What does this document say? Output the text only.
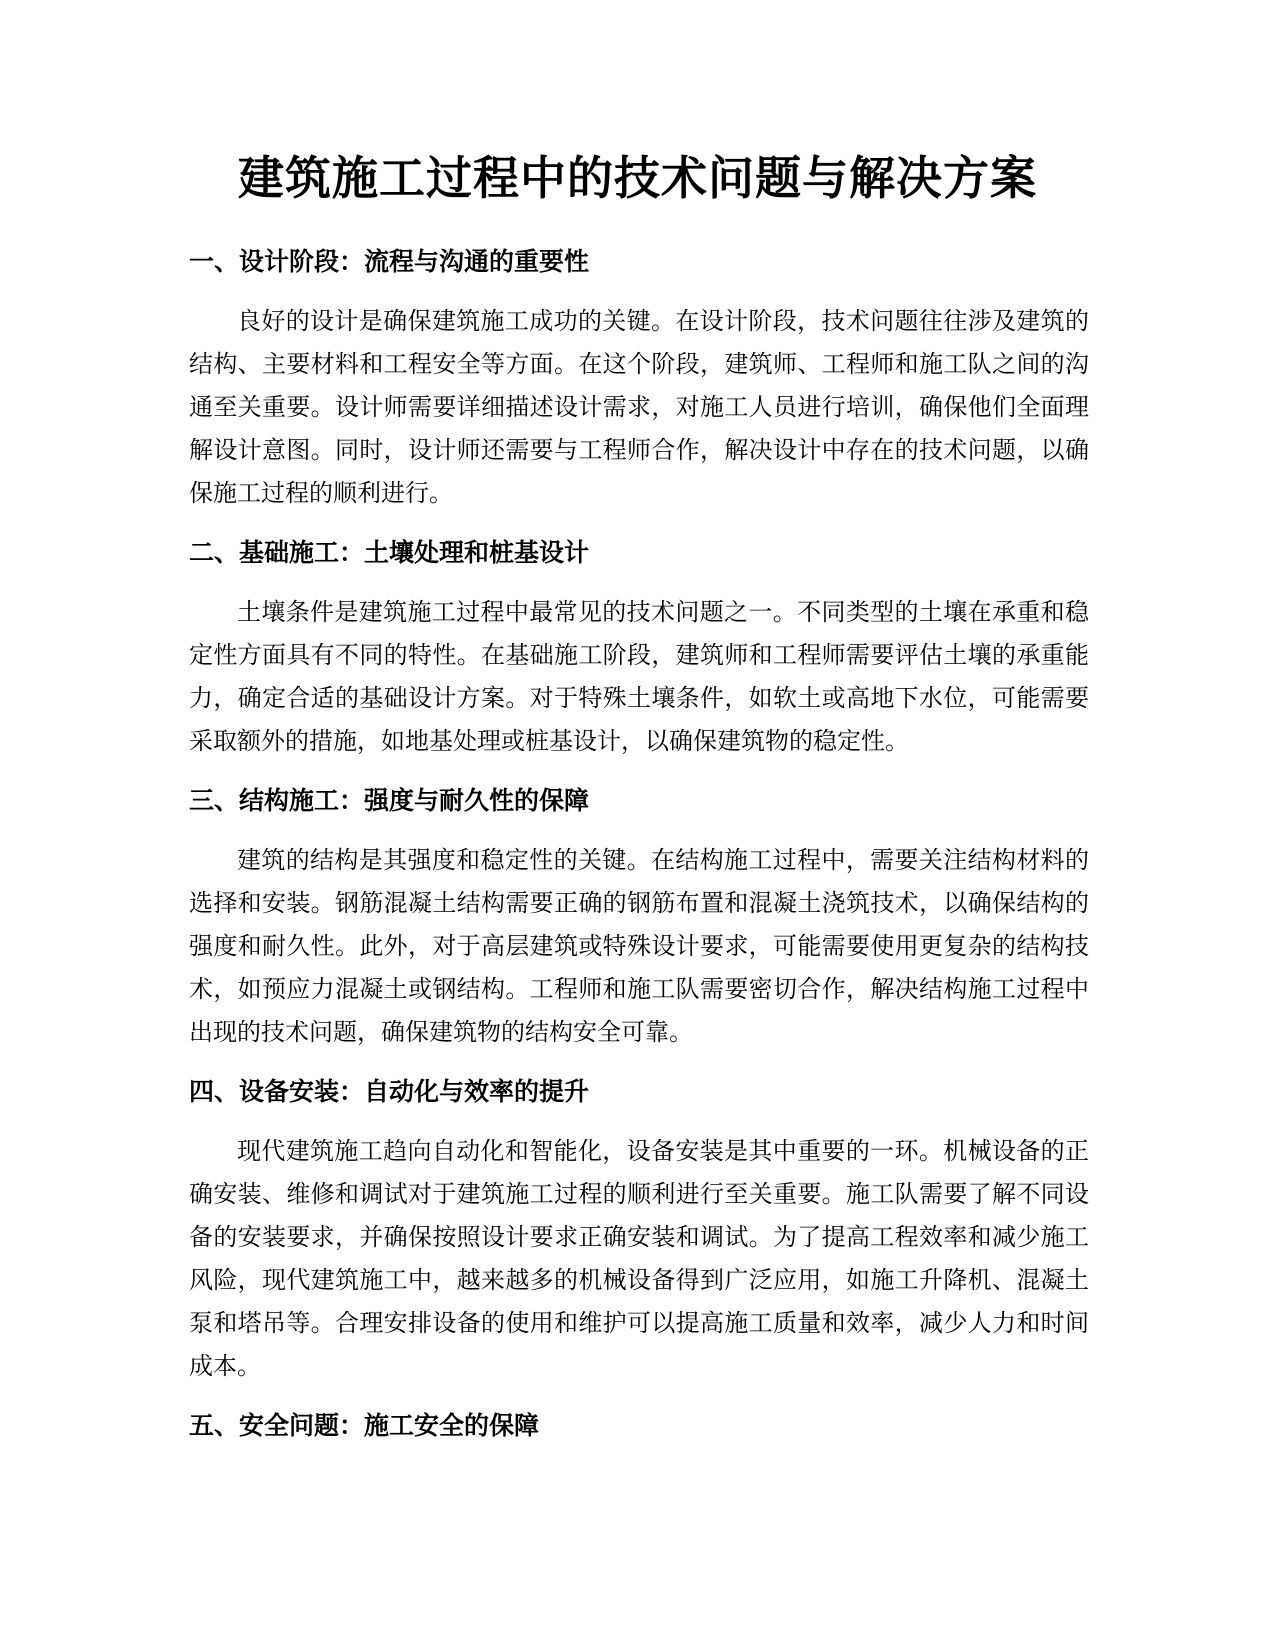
建筑施工过程中的技术问题与解决方案
一、设计阶段：流程与沟通的重要性

良好的设计是确保建筑施工成功的关键。在设计阶段，技术问题往往涉及建筑的结构、主要材料和工程安全等方面。在这个阶段，建筑师、工程师和施工队之间的沟通至关重要。设计师需要详细描述设计需求，对施工人员进行培训，确保他们全面理解设计意图。同时，设计师还需要与工程师合作，解决设计中存在的技术问题，以确保施工过程的顺利进行。

二、基础施工：土壤处理和桩基设计

土壤条件是建筑施工过程中最常见的技术问题之一。不同类型的土壤在承重和稳定性方面具有不同的特性。在基础施工阶段，建筑师和工程师需要评估土壤的承重能力，确定合适的基础设计方案。对于特殊土壤条件，如软土或高地下水位，可能需要采取额外的措施，如地基处理或桩基设计，以确保建筑物的稳定性。

三、结构施工：强度与耐久性的保障

建筑的结构是其强度和稳定性的关键。在结构施工过程中，需要关注结构材料的选择和安装。钢筋混凝土结构需要正确的钢筋布置和混凝土浇筑技术，以确保结构的强度和耐久性。此外，对于高层建筑或特殊设计要求，可能需要使用更复杂的结构技术，如预应力混凝土或钢结构。工程师和施工队需要密切合作，解决结构施工过程中出现的技术问题，确保建筑物的结构安全可靠。

四、设备安装：自动化与效率的提升

现代建筑施工趋向自动化和智能化，设备安装是其中重要的一环。机械设备的正确安装、维修和调试对于建筑施工过程的顺利进行至关重要。施工队需要了解不同设备的安装要求，并确保按照设计要求正确安装和调试。为了提高工程效率和减少施工风险，现代建筑施工中，越来越多的机械设备得到广泛应用，如施工升降机、混凝土泵和塔吊等。合理安排设备的使用和维护可以提高施工质量和效率，减少人力和时间成本。

五、安全问题：施工安全的保障
